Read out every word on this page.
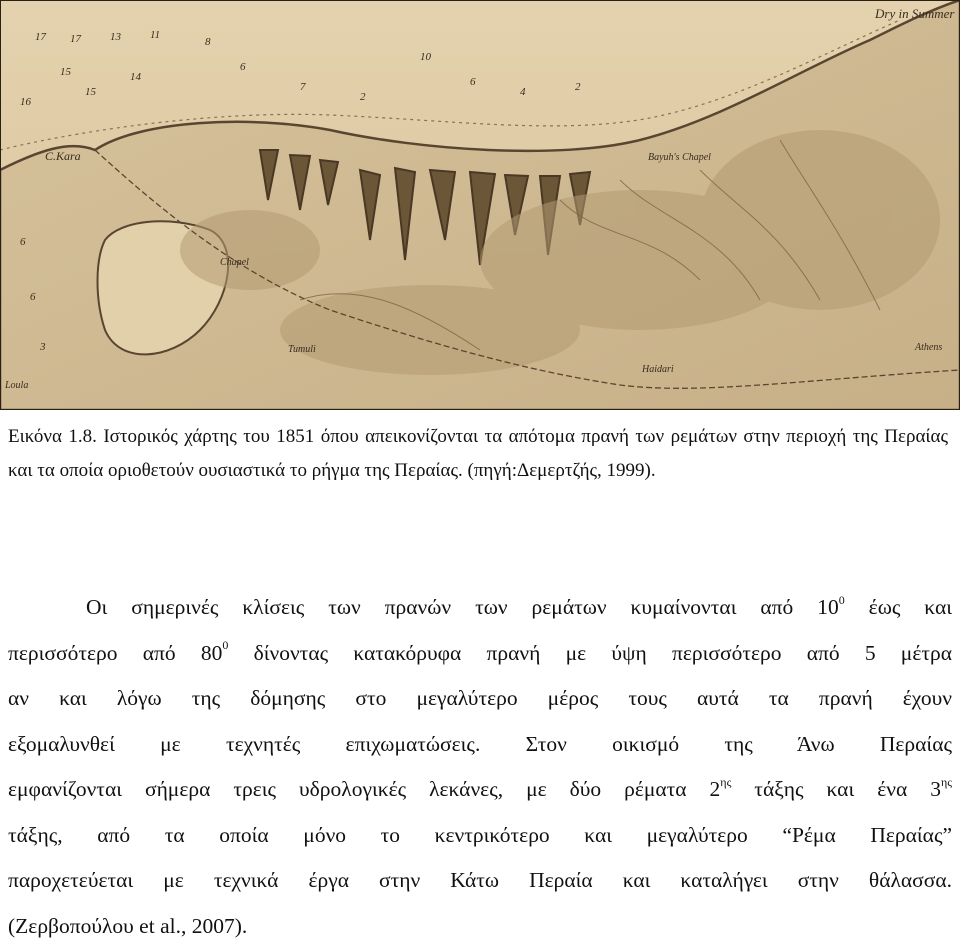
17 17	13	11
8
6
15
16
15
14
7
2
10
6
4	2
6
6
3
C.Kara
Dry in Summer
Chapel
Bayuh's Chapel
Tumuli
Haidari
Athens
Loula
Εικόνα 1.8. Ιστορικός χάρτης του 1851 όπου απεικονίζονται τα απότομα πρανή των ρεμάτων στην περιοχή της Περαίας και τα οποία οριοθετούν ουσιαστικά το ρήγμα της Περαίας. (πηγή:Δεμερτζής, 1999).
Οι σημερινές κλίσεις των πρανών των ρεμάτων κυμαίνονται από $10^0$ έως και
περισσότερο από $80^0$ δίνοντας κατακόρυφα πρανή με ύψη περισσότερο από 5 μέτρα
αν και λόγω της δόμησης στο μεγαλύτερο μέρος τους αυτά τα πρανή έχουν
εξομαλυνθεί με τεχνητές επιχωματώσεις. Στον οικισμό της Άνω Περαίας
εμφανίζονται σήμερα τρεις υδρολογικές λεκάνες, με δύο ρέματα $2^{\eta\varsigma}$ τάξης και ένα $3^{\eta\varsigma}$
τάξης, από τα οποία μόνο το κεντρικότερο και μεγαλύτερο “Ρέμα Περαίας”
παροχετεύεται με τεχνικά έργα στην Κάτω Περαία και καταλήγει στην θάλασσα.
(Ζερβοπούλου et al., 2007).
